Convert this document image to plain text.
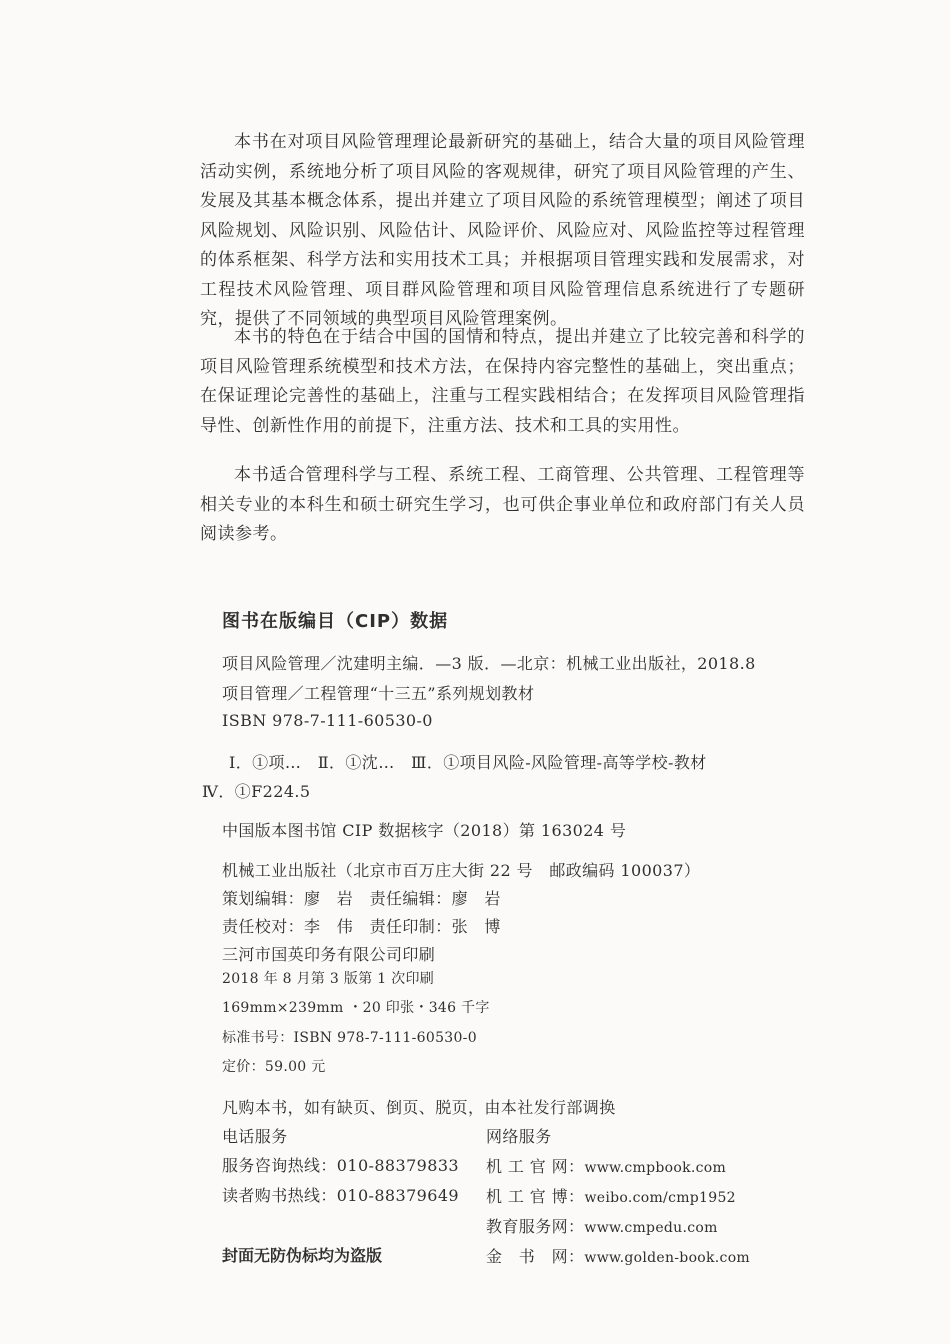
本书在对项目风险管理理论最新研究的基础上，结合大量的项目风险管理活动实例，系统地分析了项目风险的客观规律，研究了项目风险管理的产生、发展及其基本概念体系，提出并建立了项目风险的系统管理模型；阐述了项目风险规划、风险识别、风险估计、风险评价、风险应对、风险监控等过程管理的体系框架、科学方法和实用技术工具；并根据项目管理实践和发展需求，对工程技术风险管理、项目群风险管理和项目风险管理信息系统进行了专题研究，提供了不同领域的典型项目风险管理案例。

本书的特色在于结合中国的国情和特点，提出并建立了比较完善和科学的项目风险管理系统模型和技术方法，在保持内容完整性的基础上，突出重点；在保证理论完善性的基础上，注重与工程实践相结合；在发挥项目风险管理指导性、创新性作用的前提下，注重方法、技术和工具的实用性。

本书适合管理科学与工程、系统工程、工商管理、公共管理、工程管理等相关专业的本科生和硕士研究生学习，也可供企事业单位和政府部门有关人员阅读参考。

图书在版编目（CIP）数据
项目风险管理／沈建明主编．—3 版．—北京：机械工业出版社，2018.8
项目管理／工程管理“十三五”系列规划教材
ISBN 978-7-111-60530-0
Ⅰ．①项…　Ⅱ．①沈…　Ⅲ．①项目风险-风险管理-高等学校-教材
Ⅳ．①F224.5
中国版本图书馆 CIP 数据核字（2018）第 163024 号
机械工业出版社（北京市百万庄大街 22 号　邮政编码 100037）
策划编辑：廖　岩　责任编辑：廖　岩
责任校对：李　伟　责任印制：张　博
三河市国英印务有限公司印刷
2018 年 8 月第 3 版第 1 次印刷
169mm×239mm ・20 印张・346 千字
标准书号：ISBN 978-7-111-60530-0
定价：59.00 元
凡购本书，如有缺页、倒页、脱页，由本社发行部调换
电话服务	网络服务
服务咨询热线：010-88379833
读者购书热线：010-88379649
封面无防伪标均为盗版
机 工 官 网：www.cmpbook.com
机 工 官 博：weibo.com/cmp1952
教育服务网：www.cmpedu.com
金　书　网：www.golden-book.com
